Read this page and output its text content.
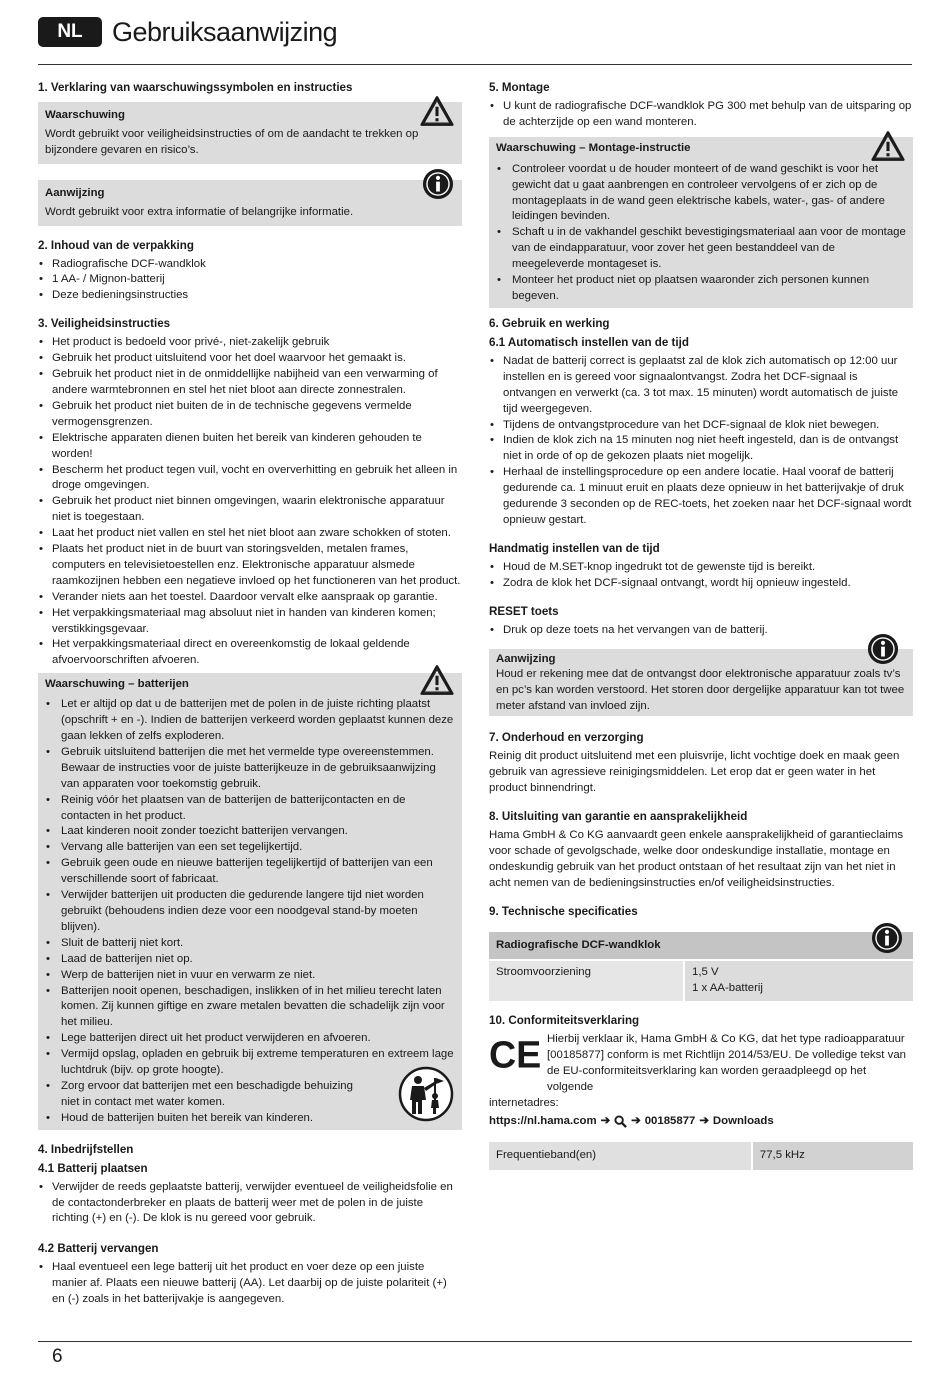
NL	Gebruiksaanwijzing
1. Verklaring van waarschuwingssymbolen en instructies
Waarschuwing

Wordt gebruikt voor veiligheidsinstructies of om de aandacht te trekken op bijzondere gevaren en risico’s.

Aanwijzing

Wordt gebruikt voor extra informatie of belangrijke informatie.

2. Inhoud van de verpakking
• Radiografische DCF-wandklok
• 1 AA- / Mignon-batterij
• Deze bedieningsinstructies
3. Veiligheidsinstructies
• Het product is bedoeld voor privé-, niet-zakelijk gebruik
• Gebruik het product uitsluitend voor het doel waarvoor het gemaakt is.
• Gebruik het product niet in de onmiddellijke nabijheid van een verwarming of andere warmtebronnen en stel het niet bloot aan directe zonnestralen.
• Gebruik het product niet buiten de in de technische gegevens vermelde vermogensgrenzen.
• Elektrische apparaten dienen buiten het bereik van kinderen gehouden te worden!
• Bescherm het product tegen vuil, vocht en oververhitting en gebruik het alleen in droge omgevingen.
• Gebruik het product niet binnen omgevingen, waarin elektronische apparatuur niet is toegestaan.
• Laat het product niet vallen en stel het niet bloot aan zware schokken of stoten.
• Plaats het product niet in de buurt van storingsvelden, metalen frames, computers en televisietoestellen enz. Elektronische apparatuur alsmede raamkozijnen hebben een negatieve invloed op het functioneren van het product.
• Verander niets aan het toestel. Daardoor vervalt elke aanspraak op garantie.
• Het verpakkingsmateriaal mag absoluut niet in handen van kinderen komen; verstikkingsgevaar.
• Het verpakkingsmateriaal direct en overeenkomstig de lokaal geldende afvoervoorschriften afvoeren.
Waarschuwing – batterijen
• Let er altijd op dat u de batterijen met de polen in de juiste richting plaatst (opschrift + en -). Indien de batterijen verkeerd worden geplaatst kunnen deze gaan lekken of zelfs exploderen.
• Gebruik uitsluitend batterijen die met het vermelde type overeenstemmen. Bewaar de instructies voor de juiste batterijkeuze in de gebruiksaanwijzing van apparaten voor toekomstig gebruik.
• Reinig vóór het plaatsen van de batterijen de batterijcontacten en de contacten in het product.
• Laat kinderen nooit zonder toezicht batterijen vervangen.
• Vervang alle batterijen van een set tegelijkertijd.
• Gebruik geen oude en nieuwe batterijen tegelijkertijd of batterijen van een verschillende soort of fabricaat.
• Verwijder batterijen uit producten die gedurende langere tijd niet worden gebruikt (behoudens indien deze voor een noodgeval stand-by moeten blijven).
• Sluit de batterij niet kort.
• Laad de batterijen niet op.
• Werp de batterijen niet in vuur en verwarm ze niet.
• Batterijen nooit openen, beschadigen, inslikken of in het milieu terecht laten komen. Zij kunnen giftige en zware metalen bevatten die schadelijk zijn voor het milieu.
• Lege batterijen direct uit het product verwijderen en afvoeren.
• Vermijd opslag, opladen en gebruik bij extreme temperaturen en extreem lage luchtdruk (bijv. op grote hoogte).
• Zorg ervoor dat batterijen met een beschadigde behuizing niet in contact met water komen.
• Houd de batterijen buiten het bereik van kinderen.
4. Inbedrijfstellen
4.1 Batterij plaatsen
• Verwijder de reeds geplaatste batterij, verwijder eventueel de veiligheidsfolie en de contactonderbreker en plaats de batterij weer met de polen in de juiste richting (+) en (-). De klok is nu gereed voor gebruik.
4.2 Batterij vervangen
• Haal eventueel een lege batterij uit het product en voer deze op een juiste manier af. Plaats een nieuwe batterij (AA). Let daarbij op de juiste polariteit (+) en (-) zoals in het batterijvakje is aangegeven.
5. Montage
• U kunt de radiografische DCF-wandklok PG 300 met behulp van de uitsparing op de achterzijde op een wand monteren.
Waarschuwing – Montage-instructie
• Controleer voordat u de houder monteert of de wand geschikt is voor het gewicht dat u gaat aanbrengen en controleer vervolgens of er zich op de montageplaats in de wand geen elektrische kabels, water-, gas- of andere leidingen bevinden.
• Schaft u in de vakhandel geschikt bevestigingsmateriaal aan voor de montage van de eindapparatuur, voor zover het geen bestanddeel van de meegeleverde montageset is.
• Monteer het product niet op plaatsen waaronder zich personen kunnen begeven.
6. Gebruik en werking
6.1 Automatisch instellen van de tijd
• Nadat de batterij correct is geplaatst zal de klok zich automatisch op 12:00 uur instellen en is gereed voor signaalontvangst. Zodra het DCF-signaal is ontvangen en verwerkt (ca. 3 tot max. 15 minuten) wordt automatisch de juiste tijd weergegeven.
• Tijdens de ontvangstprocedure van het DCF-signaal de klok niet bewegen.
• Indien de klok zich na 15 minuten nog niet heeft ingesteld, dan is de ontvangst niet in orde of op de gekozen plaats niet mogelijk.
• Herhaal de instellingsprocedure op een andere locatie. Haal vooraf de batterij gedurende ca. 1 minuut eruit en plaats deze opnieuw in het batterijvakje of druk gedurende 3 seconden op de REC-toets, het zoeken naar het DCF-signaal wordt opnieuw gestart.
Handmatig instellen van de tijd
• Houd de M.SET-knop ingedrukt tot de gewenste tijd is bereikt.
• Zodra de klok het DCF-signaal ontvangt, wordt hij opnieuw ingesteld.
RESET toets
• Druk op deze toets na het vervangen van de batterij.
Aanwijzing

Houd er rekening mee dat de ontvangst door elektronische apparatuur zoals tv’s en pc’s kan worden verstoord. Het storen door dergelijke apparatuur kan tot twee meter afstand van invloed zijn.

7. Onderhoud en verzorging

Reinig dit product uitsluitend met een pluisvrije, licht vochtige doek en maak geen gebruik van agressieve reinigingsmiddelen. Let erop dat er geen water in het product binnendringt.

8. Uitsluiting van garantie en aansprakelijkheid

Hama GmbH & Co KG aanvaardt geen enkele aansprakelijkheid of garantieclaims voor schade of gevolgschade, welke door ondeskundige installatie, montage en ondeskundig gebruik van het product ontstaan of het resultaat zijn van het niet in acht nemen van de bedieningsinstructies en/of veiligheidsinstructies.

9. Technische specificaties
Radiografische DCF-wandklok
Stroomvoorziening	1,5 V
1 x AA-batterij
10. Conformiteitsverklaring
CE Hierbij verklaar ik, Hama GmbH & Co KG, dat het type radioapparatuur [00185877] conform is met Richtlijn 2014/53/EU. De volledige tekst van de EU-conformiteitsverklaring kan worden geraadpleegd op het volgende

internetadres:

https://nl.hama.com ➔ ➔ 00185877 ➔ Downloads
Frequentieband(en)	77,5 kHz
6
